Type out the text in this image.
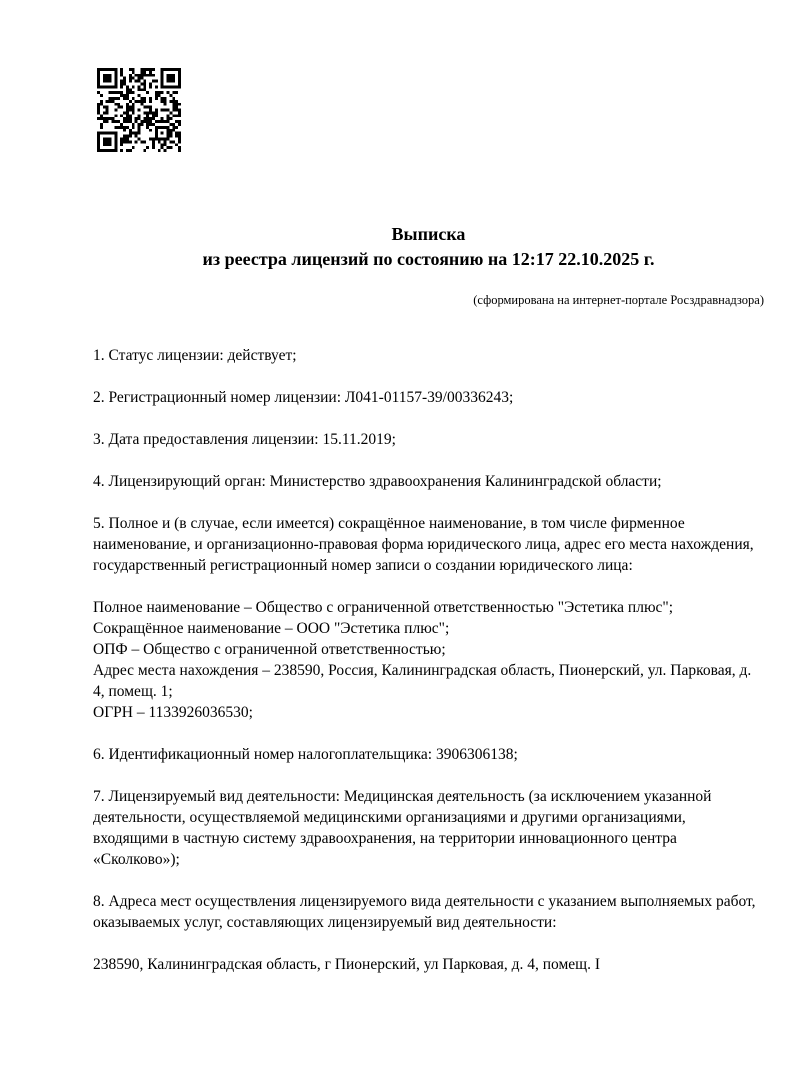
Выписка
из реестра лицензий по состоянию на 12:17 22.10.2025 г.
(сформирована на интернет-портале Росздравнадзора)
1. Статус лицензии: действует;
2. Регистрационный номер лицензии: Л041-01157-39/00336243;
3. Дата предоставления лицензии: 15.11.2019;
4. Лицензирующий орган: Министерство здравоохранения Калининградской области;
5. Полное и (в случае, если имеется) сокращённое наименование, в том числе фирменное наименование, и организационно-правовая форма юридического лица, адрес его места нахождения, государственный регистрационный номер записи о создании юридического лица:
Полное наименование – Общество с ограниченной ответственностью "Эстетика плюс";
Сокращённое наименование – ООО "Эстетика плюс";
ОПФ – Общество с ограниченной ответственностью;
Адрес места нахождения – 238590, Россия, Калининградская область, Пионерский, ул. Парковая, д. 4, помещ. 1;
ОГРН – 1133926036530;
6. Идентификационный номер налогоплательщика: 3906306138;
7. Лицензируемый вид деятельности: Медицинская деятельность (за исключением указанной деятельности, осуществляемой медицинскими организациями и другими организациями, входящими в частную систему здравоохранения, на территории инновационного центра «Сколково»);
8. Адреса мест осуществления лицензируемого вида деятельности с указанием выполняемых работ, оказываемых услуг, составляющих лицензируемый вид деятельности:
238590, Калининградская область, г Пионерский, ул Парковая, д. 4, помещ. I
